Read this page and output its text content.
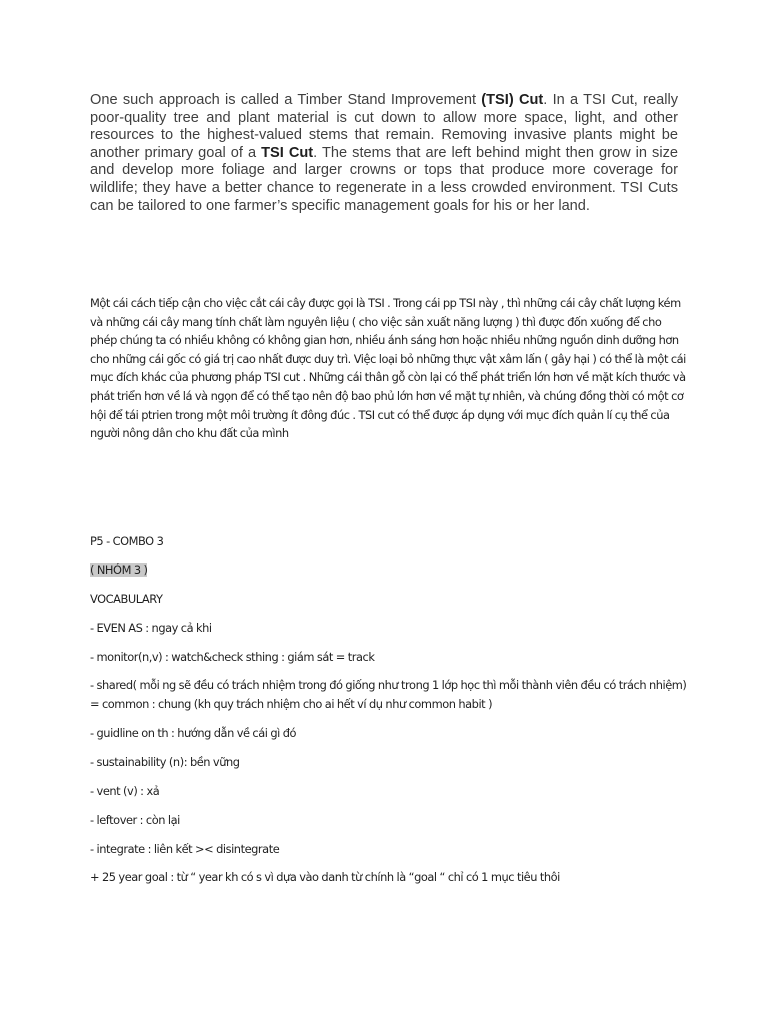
One such approach is called a Timber Stand Improvement (TSI) Cut. In a TSI Cut, really poor-quality tree and plant material is cut down to allow more space, light, and other resources to the highest-valued stems that remain. Removing invasive plants might be another primary goal of a TSI Cut. The stems that are left behind might then grow in size and develop more foliage and larger crowns or tops that produce more coverage for wildlife; they have a better chance to regenerate in a less crowded environment. TSI Cuts can be tailored to one farmer’s specific management goals for his or her land.

Một cái cách tiếp cận cho việc cắt cái cây được gọi là TSI . Trong cái pp TSI này , thì những cái cây chất lượng kém và những cái cây mang tính chất làm nguyên liệu ( cho việc sản xuất năng lượng ) thì được đốn xuống để cho phép chúng ta có nhiều không có không gian hơn, nhiều ánh sáng hơn hoặc nhiều những nguồn dinh dưỡng hơn cho những cái gốc có giá trị cao nhất được duy trì. Việc loại bỏ những thực vật xâm lấn ( gây hại ) có thể là một cái mục đích khác của phương pháp TSI cut . Những cái thân gỗ còn lại có thể phát triển lớn hơn về mặt kích thước và phát triển hơn về lá và ngọn để có thể tạo nên độ bao phủ lớn hơn về mặt tự nhiên, và chúng đồng thời có một cơ hội để tái ptrien trong một môi trường ít đông đúc . TSI cut có thể được áp dụng với mục đích quản lí cụ thể của người nông dân cho khu đất của mình

P5 - COMBO 3

( NHÓM 3 )

VOCABULARY

- EVEN AS : ngay cả khi

- monitor(n,v) : watch&check sthing : giám sát = track

- shared( mỗi ng sẽ đều có trách nhiệm trong đó giống như trong 1 lớp học thì mỗi thành viên đều có trách nhiệm) = common : chung (kh quy trách nhiệm cho ai hết ví dụ như common habit )

- guidline on th : hướng dẫn về cái gì đó

- sustainability (n): bền vững

- vent (v) : xả

- leftover : còn lại

- integrate : liên kết >< disintegrate

+ 25 year goal : từ “ year kh có s vì dựa vào danh từ chính là “goal “ chỉ có 1 mục tiêu thôi
